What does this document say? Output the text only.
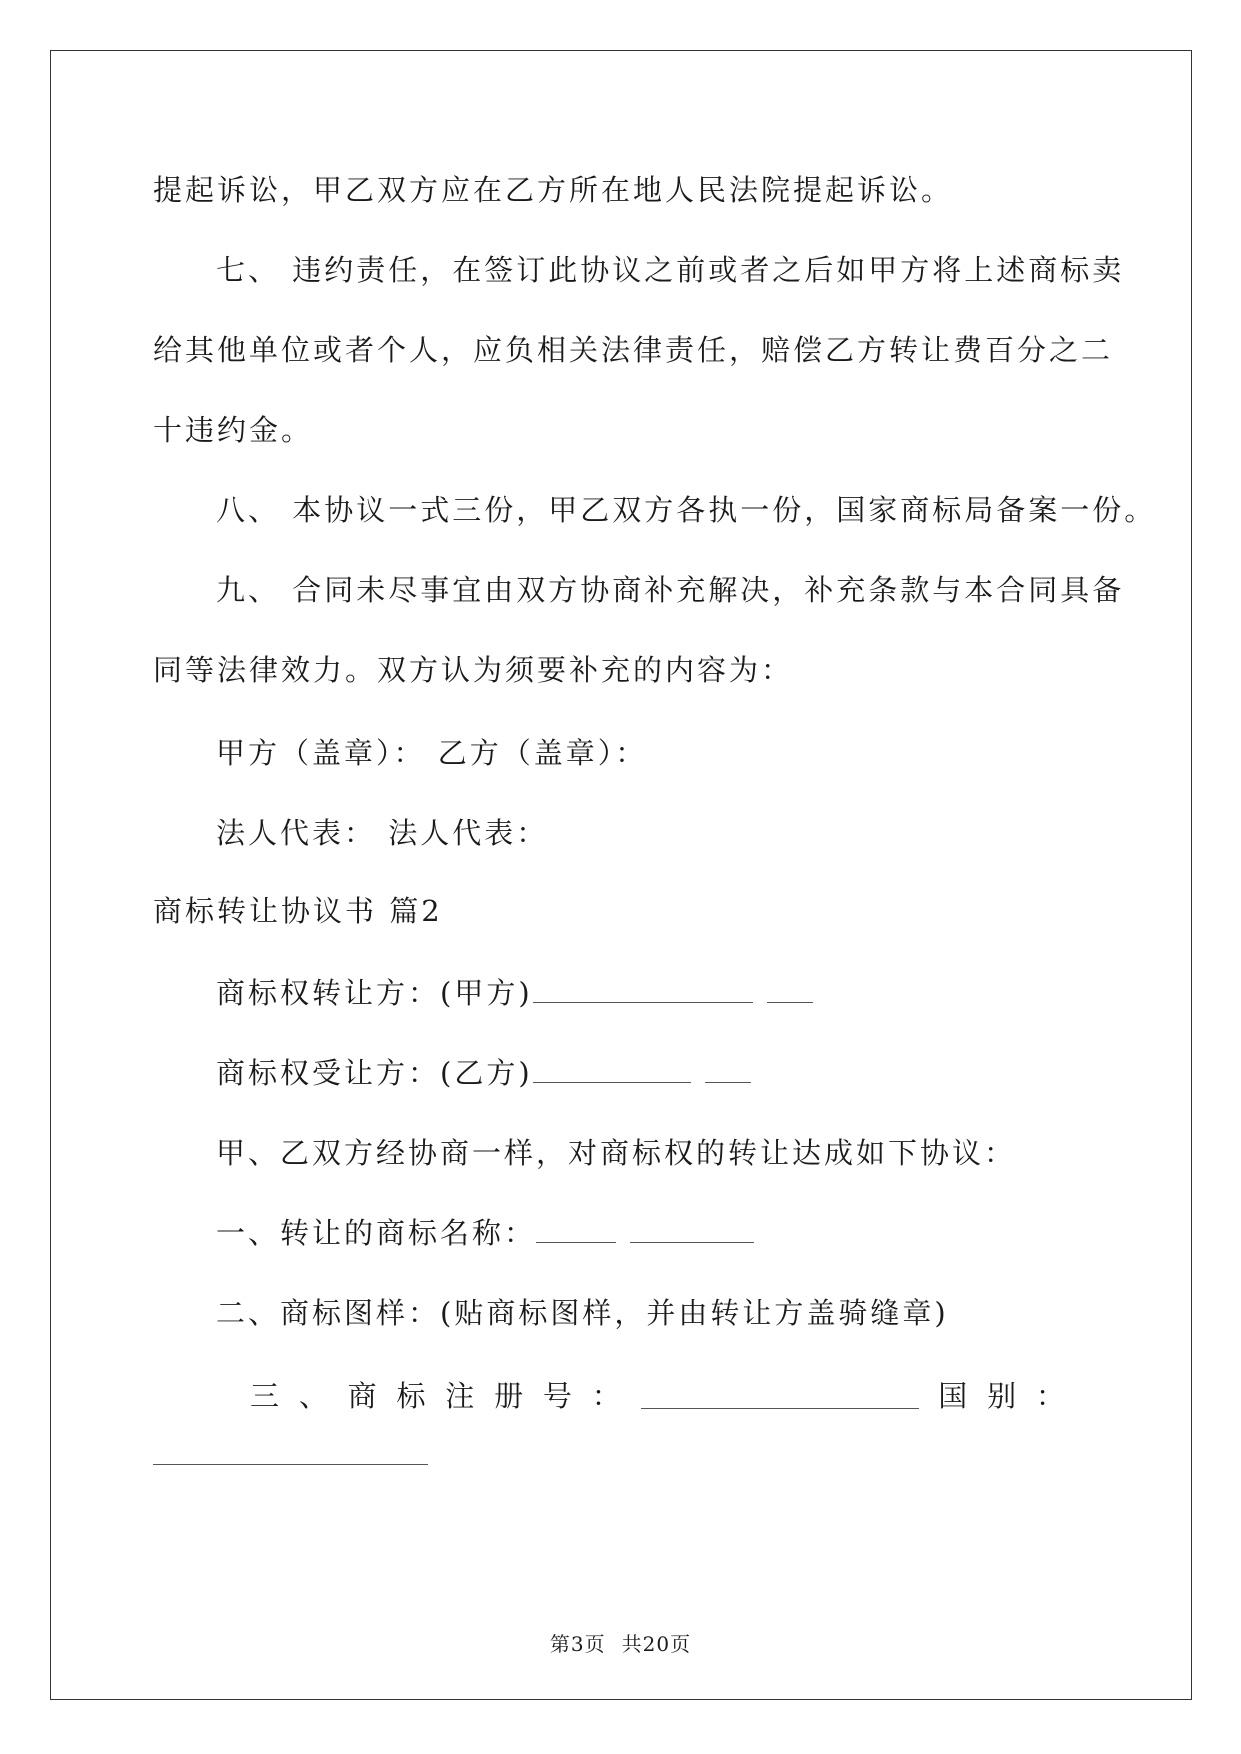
提起诉讼，甲乙双方应在乙方所在地人民法院提起诉讼。
七、 违约责任，在签订此协议之前或者之后如甲方将上述商标卖
给其他单位或者个人，应负相关法律责任，赔偿乙方转让费百分之二
十违约金。
八、 本协议一式三份，甲乙双方各执一份，国家商标局备案一份。
九、 合同未尽事宜由双方协商补充解决，补充条款与本合同具备
同等法律效力。双方认为须要补充的内容为：
甲方（盖章）： 乙方（盖章）：
法人代表： 法人代表：
商标转让协议书 篇2
商标权转让方：(甲方)
商标权受让方：(乙方)
甲、乙双方经协商一样，对商标权的转让达成如下协议：
一、转让的商标名称：
二、商标图样：(贴商标图样，并由转让方盖骑缝章)
三 、 商 标 注 册 号 ：	国 别 ：
第3页 共20页
